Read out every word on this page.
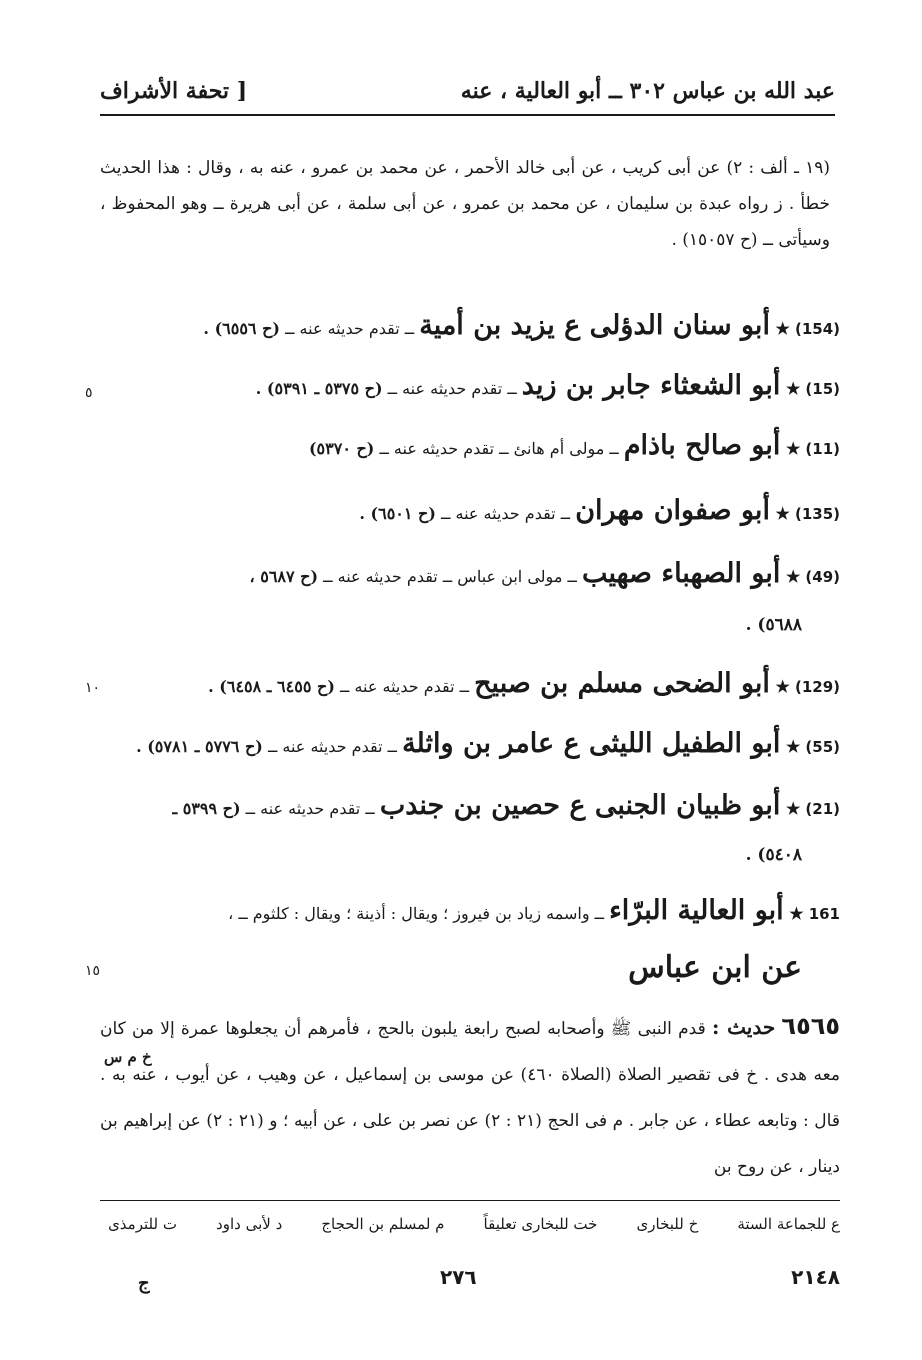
عبد الله بن عباس ٣٠٢ ــ أبو العالية ، عنه
[ تحفة الأشراف
(١٩ ـ ألف : ٢) عن أبى كريب ، عن أبى خالد الأحمر ، عن محمد بن عمرو ، عنه به ، وقال : هذا الحديث خطأ . ز رواه عبدة بن سليمان ، عن محمد بن عمرو ، عن أبى سلمة ، عن أبى هريرة ــ وهو المحفوظ ، وسيأتى ــ (ح ١٥٠٥٧) .
(154) ★ أبو سنان الدؤلى ع يزيد بن أمية ــ تقدم حديثه عنه ــ (ح ٦٥٥٦) .
(15) ★ أبو الشعثاء جابر بن زيد ــ تقدم حديثه عنه ــ (ح ٥٣٧٥ ـ ٥٣٩١) .
(11) ★ أبو صالح باذام ــ مولى أم هانئ ــ تقدم حديثه عنه ــ (ح ٥٣٧٠)
(135) ★ أبو صفوان مهران ــ تقدم حديثه عنه ــ (ح ٦٥٠١) .
(49) ★ أبو الصهباء صهيب ــ مولى ابن عباس ــ تقدم حديثه عنه ــ (ح ٥٦٨٧ ،
٥٦٨٨) .
(129) ★ أبو الضحى مسلم بن صبيح ــ تقدم حديثه عنه ــ (ح ٦٤٥٥ ـ ٦٤٥٨) .
(55) ★ أبو الطفيل الليثى ع عامر بن واثلة ــ تقدم حديثه عنه ــ (ح ٥٧٧٦ ـ ٥٧٨١) .
(21) ★ أبو ظبيان الجنبى ع حصين بن جندب ــ تقدم حديثه عنه ــ (ح ٥٣٩٩ ـ
٥٤٠٨) .
161 ★ أبو العالية البرّاء ــ واسمه زياد بن فيروز ؛ ويقال : أذينة ؛ ويقال : كلثوم ــ ،
٥
١٠
١٥	عن ابن عباس
٦٥٦٥ حديث : قدم النبى ﷺ وأصحابه لصبح رابعة يلبون بالحج ، فأمرهم أن يجعلوها عمرة إلا من كان معه هدى . خ فى تقصير الصلاة (الصلاة ٤٦٠) عن موسى بن إسماعيل ، عن وهيب ، عن أيوب ، عنه به . قال : وتابعه عطاء ، عن جابر . م فى الحج (٢١ : ٢) عن نصر بن على ، عن أبيه ؛ و (٢١ : ٢) عن إبراهيم بن دينار ، عن روح بن
خ م س
ع للجماعة الستة
خ للبخارى
خت للبخارى تعليقاً
م لمسلم بن الحجاج
د لأبى داود
ت للترمذى
٢١٤٨
٢٧٦
ج
